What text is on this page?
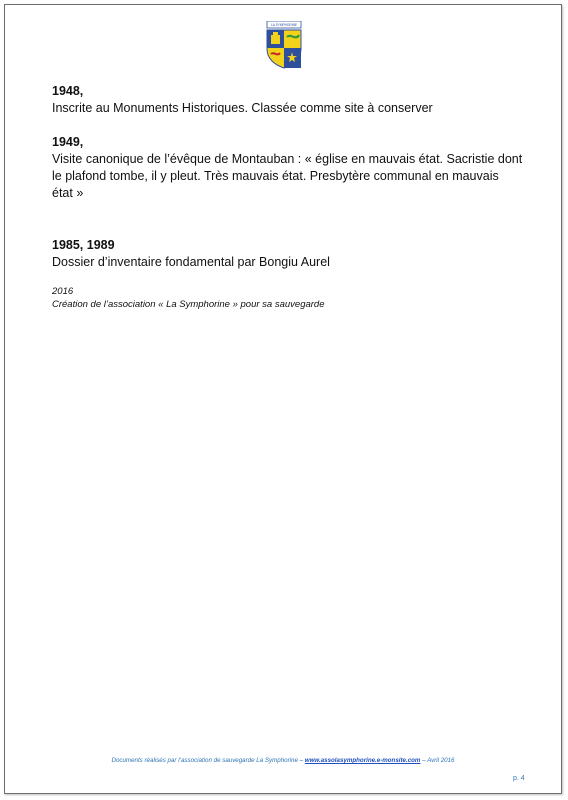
LA SYMPHORINE
1948,
Inscrite au Monuments Historiques. Classée comme site à conserver
1949,
Visite canonique de l’évêque de Montauban : « église en mauvais état. Sacristie dont
le plafond tombe, il y pleut. Très mauvais état. Presbytère communal en mauvais
état »
1985, 1989
Dossier d’inventaire fondamental par Bongiu Aurel
2016
Création de l’association « La Symphorine » pour sa sauvegarde
Documents réalisés par l’association de sauvegarde La Symphorine – www.assolasymphorine.e-monsite.com – Avril 2016
p. 4
